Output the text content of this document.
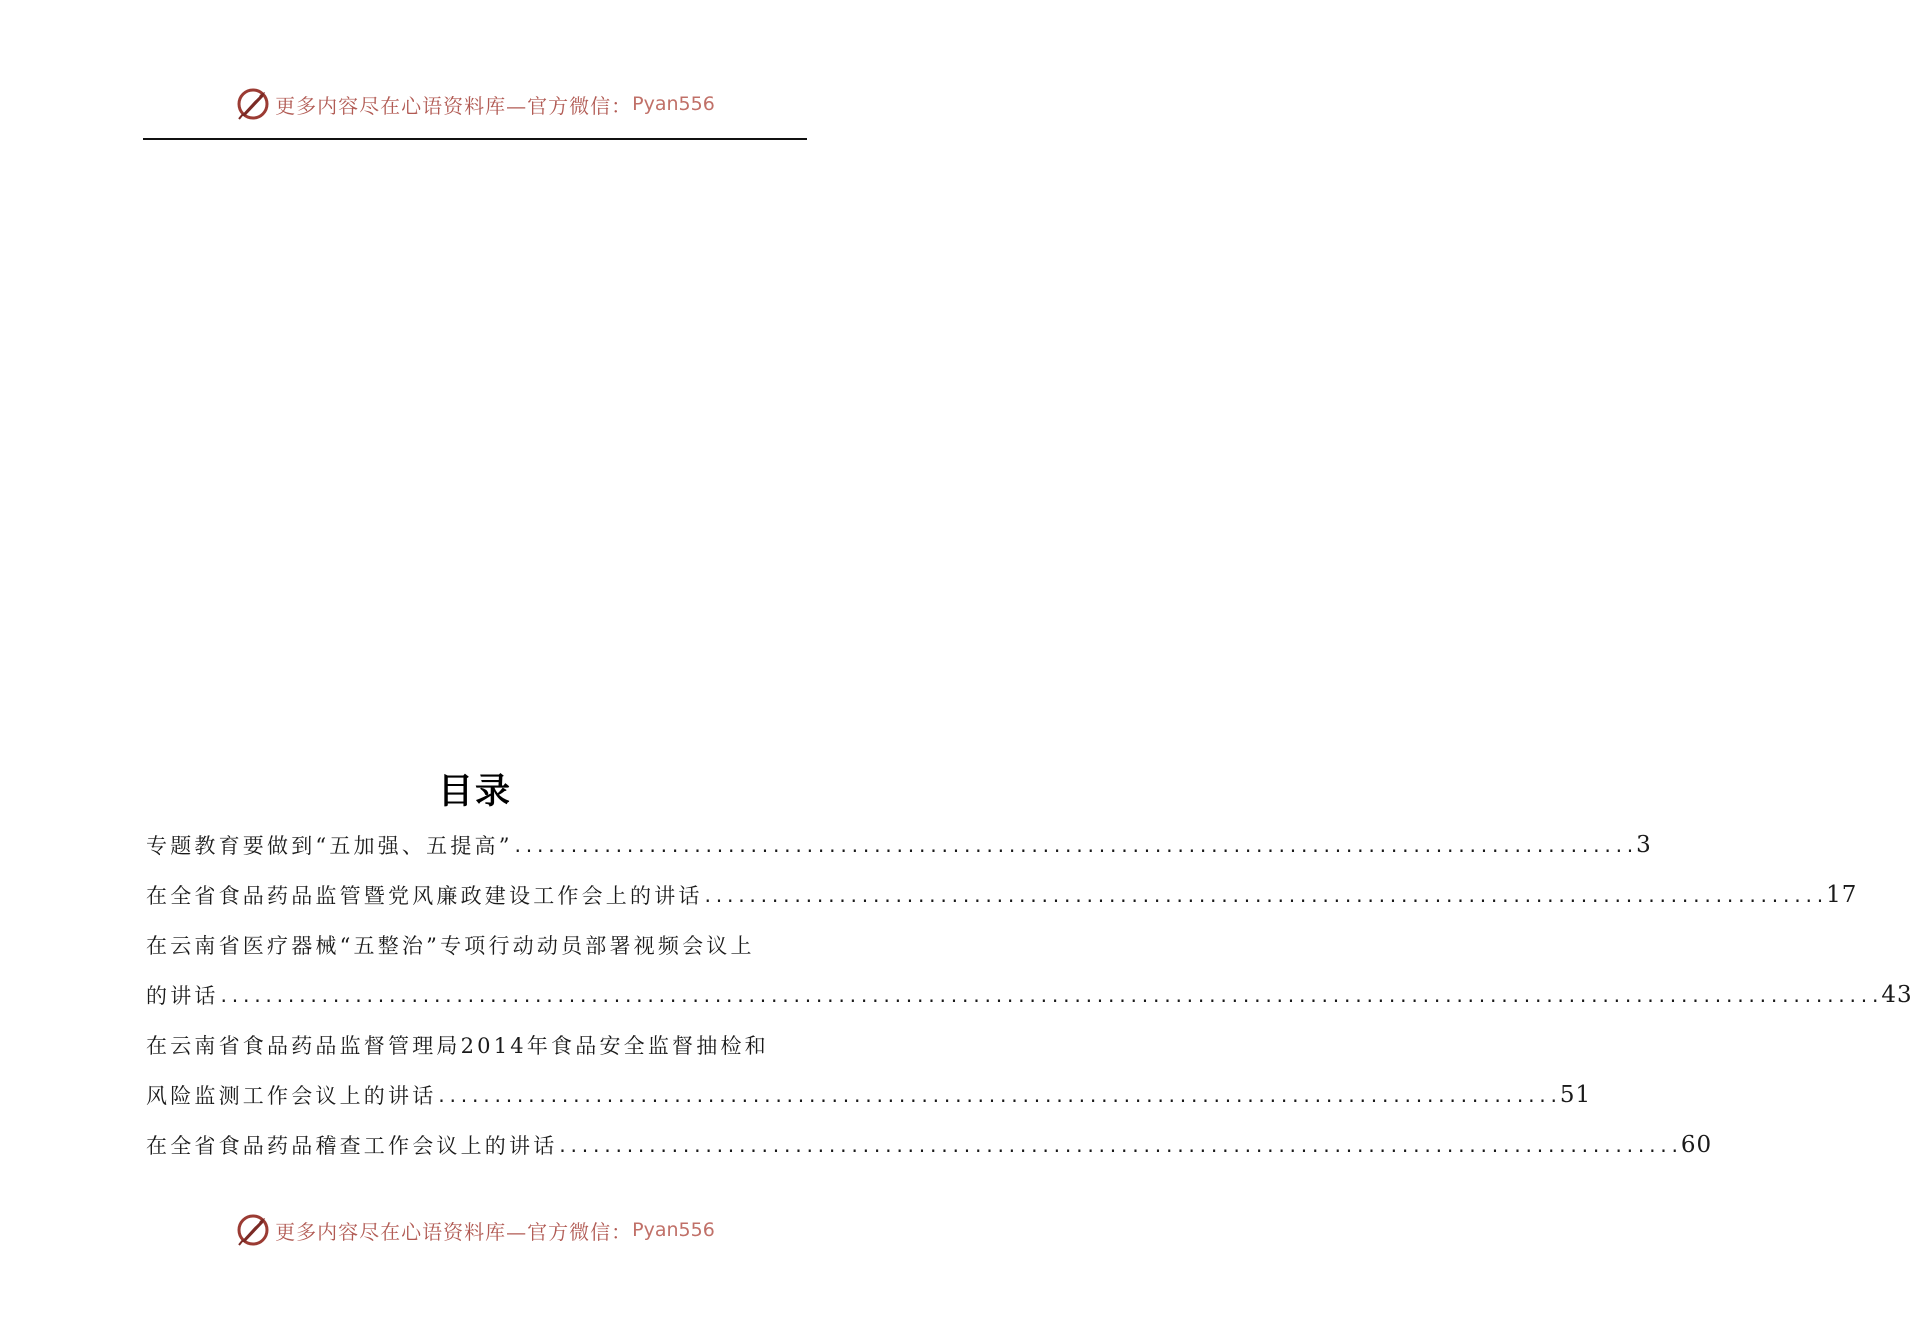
更多内容尽在心语资料库—官方微信： Pyan556
目录
专题教育要做到“五加强、五提高” .................................................................................................... 3
在全省食品药品监管暨党风廉政建设工作会上的讲话 .................................................................................................... 17
在云南省医疗器械“五整治”专项行动动员部署视频会议上
的讲话 .................................................................................................................................................... 43
在云南省食品药品监督管理局2014年食品安全监督抽检和
风险监测工作会议上的讲话 .................................................................................................... 51
在全省食品药品稽查工作会议上的讲话 .................................................................................................... 60
更多内容尽在心语资料库—官方微信： Pyan556
